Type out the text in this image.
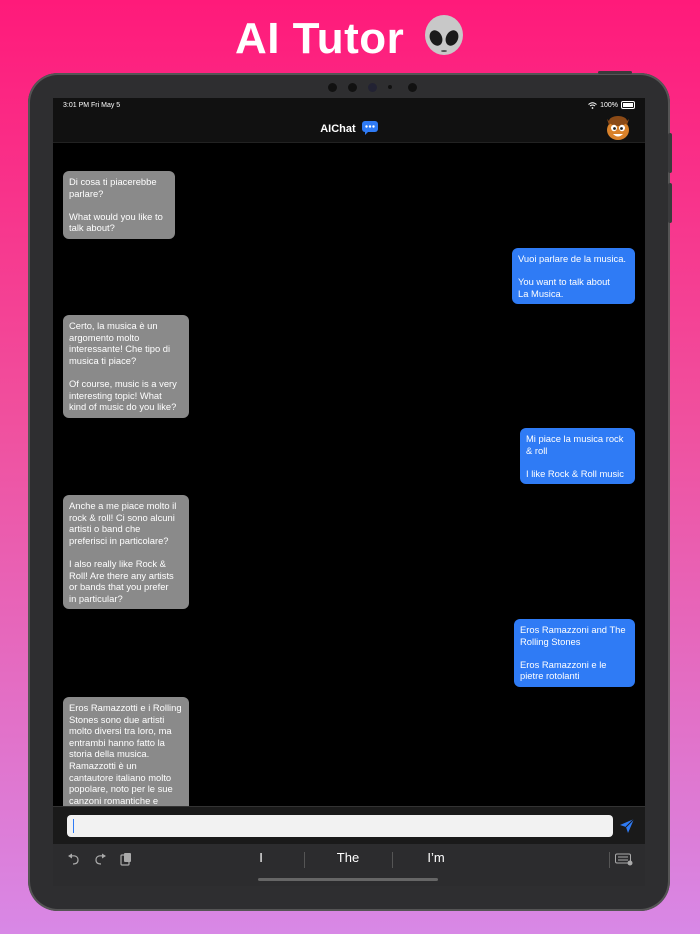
AI Tutor
3:01 PM Fri May 5	100%
AIChat
Di cosa ti piacerebbe
parlare?

What would you like to
talk about?
Vuoi parlare de la musica.

You want to talk about
La Musica.
Certo, la musica è un
argomento molto
interessante! Che tipo di
musica ti piace?

Of course, music is a very
interesting topic! What
kind of music do you like?
Mi piace la musica rock
& roll

I like Rock & Roll music
Anche a me piace molto il
rock & roll! Ci sono alcuni
artisti o band che
preferisci in particolare?

I also really like Rock &
Roll! Are there any artists
or bands that you prefer
in particular?
Eros Ramazzoni and The
Rolling Stones

Eros Ramazzoni e le
pietre rotolanti
Eros Ramazzotti e i Rolling
Stones sono due artisti
molto diversi tra loro, ma
entrambi hanno fatto la
storia della musica.
Ramazzotti è un
cantautore italiano molto
popolare, noto per le sue
canzoni romantiche e
I	The	I’m
